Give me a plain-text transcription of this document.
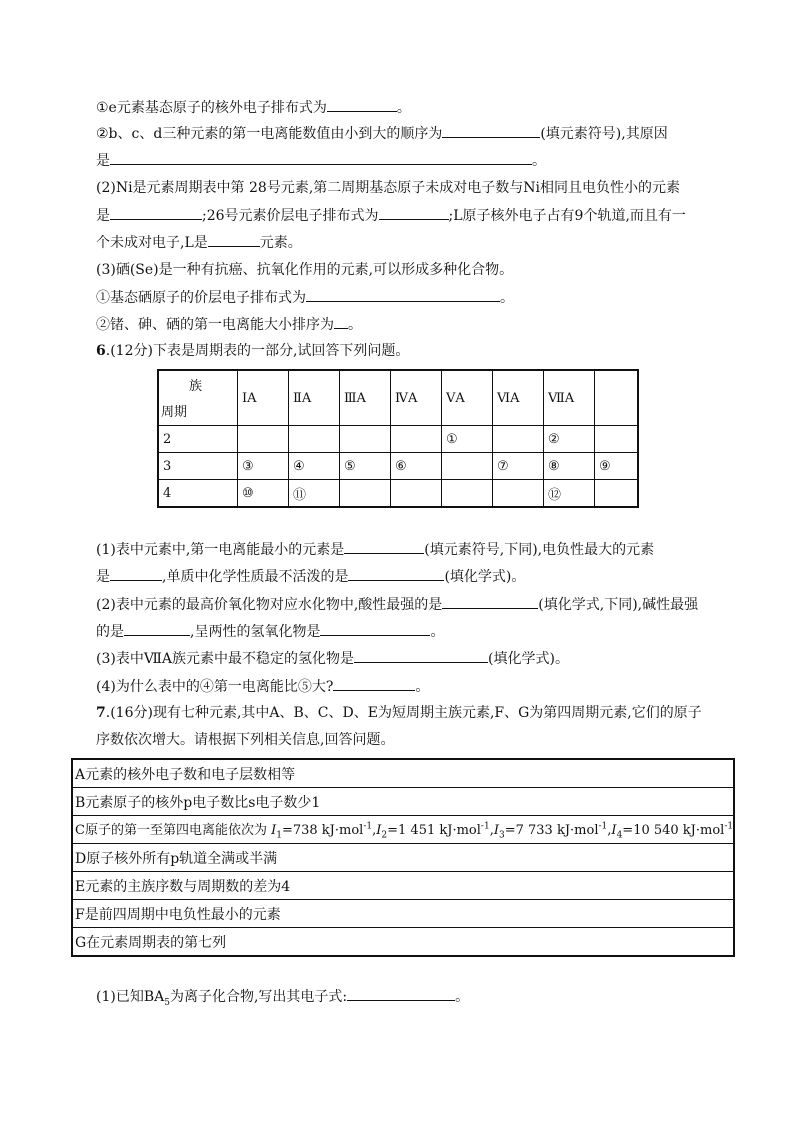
①e元素基态原子的核外电子排布式为	。
②b、c、d三种元素的第一电离能数值由小到大的顺序为	(填元素符号),其原因
是	。
(2)Ni是元素周期表中第 28号元素,第二周期基态原子未成对电子数与Ni相同且电负性小的元素
是	;26号元素价层电子排布式为	;L原子核外电子占有9个轨道,而且有一
个未成对电子,L是	元素。
(3)硒(Se)是一种有抗癌、抗氧化作用的元素,可以形成多种化合物。
①基态硒原子的价层电子排布式为	。
②锗、砷、硒的第一电离能大小排序为 。
6.(12分)下表是周期表的一部分,试回答下列问题。
族
周期	ⅠA	ⅡA	ⅢA	ⅣA	ⅤA	ⅥA	ⅦA	
2					①		②	
3	③	④	⑤	⑥		⑦	⑧	⑨
4	⑩	⑪					⑫	
(1)表中元素中,第一电离能最小的元素是	(填元素符号,下同),电负性最大的元素
是	,单质中化学性质最不活泼的是	(填化学式)。
(2)表中元素的最高价氧化物对应水化物中,酸性最强的是	(填化学式,下同),碱性最强
的是	,呈两性的氢氧化物是	。
(3)表中ⅦA族元素中最不稳定的氢化物是	(填化学式)。
(4)为什么表中的④第一电离能比⑤大?	。
7.(16分)现有七种元素,其中A、B、C、D、E为短周期主族元素,F、G为第四周期元素,它们的原子
序数依次增大。请根据下列相关信息,回答问题。
A元素的核外电子数和电子层数相等
B元素原子的核外p电子数比s电子数少1
C原子的第一至第四电离能依次为 $I_1=738$ $kJ\cdot mol^{-1},I_2=1$ 451 $kJ\cdot mol^{-1},I_3=7$ 733 $kJ\cdot mol^{-1},I_4=10$ 540 kJ·mol$^{-1}$
D原子核外所有p轨道全满或半满
E元素的主族序数与周期数的差为4
F是前四周期中电负性最小的元素
G在元素周期表的第七列
(1)已知$BA_5$为离子化合物,写出其电子式:	。
